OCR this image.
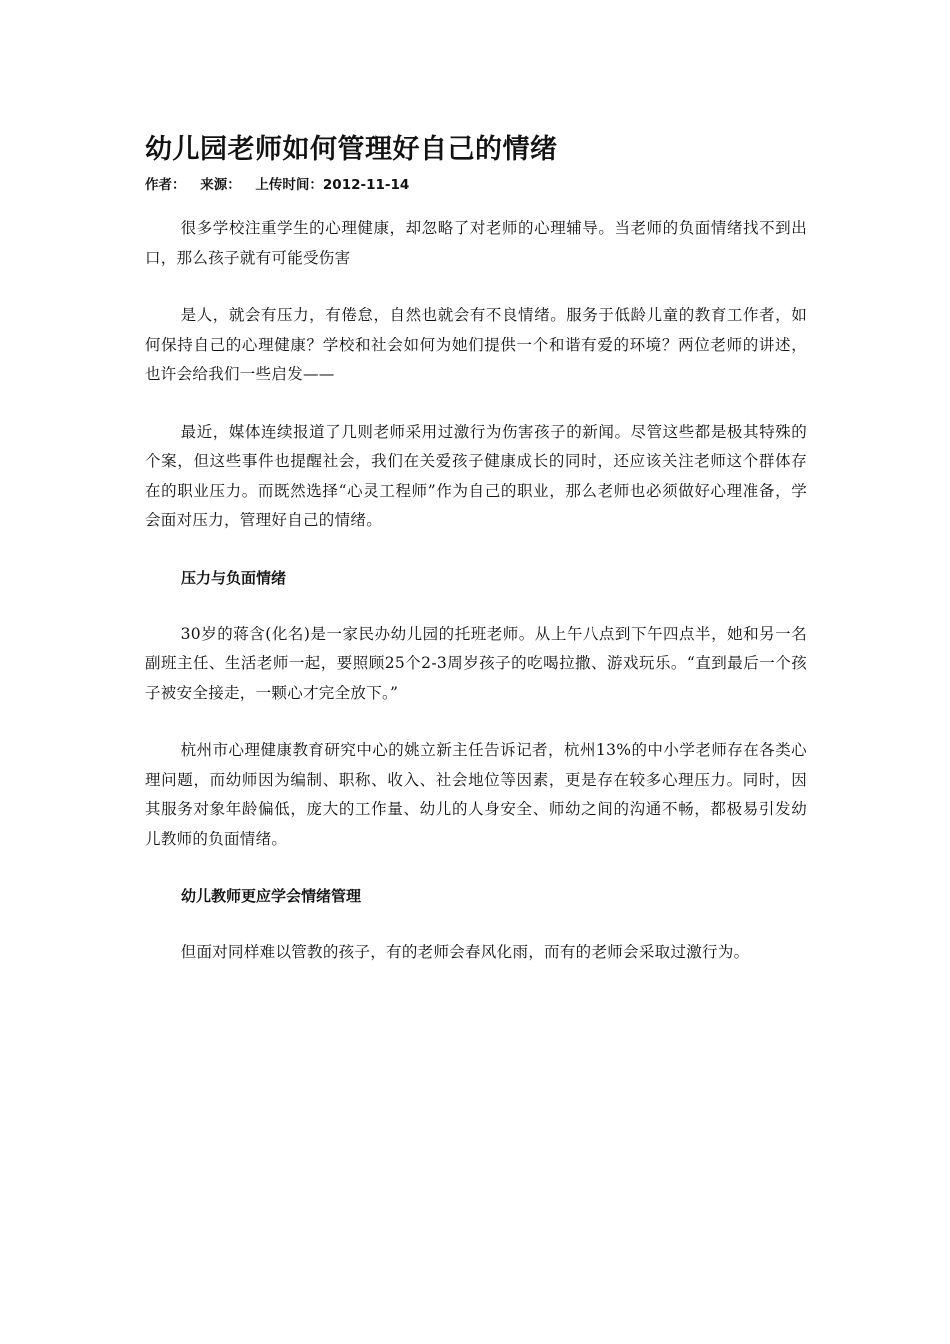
幼儿园老师如何管理好自己的情绪
作者： 来源： 上传时间：2012-11-14

很多学校注重学生的心理健康，却忽略了对老师的心理辅导。当老师的负面情绪找不到出口，那么孩子就有可能受伤害

是人，就会有压力，有倦怠，自然也就会有不良情绪。服务于低龄儿童的教育工作者，如何保持自己的心理健康？学校和社会如何为她们提供一个和谐有爱的环境？两位老师的讲述，也许会给我们一些启发——

最近，媒体连续报道了几则老师采用过激行为伤害孩子的新闻。尽管这些都是极其特殊的个案，但这些事件也提醒社会，我们在关爱孩子健康成长的同时，还应该关注老师这个群体存在的职业压力。而既然选择“心灵工程师”作为自己的职业，那么老师也必须做好心理准备，学会面对压力，管理好自己的情绪。

压力与负面情绪

30岁的蒋含(化名)是一家民办幼儿园的托班老师。从上午八点到下午四点半，她和另一名副班主任、生活老师一起，要照顾25个2-3周岁孩子的吃喝拉撒、游戏玩乐。“直到最后一个孩子被安全接走，一颗心才完全放下。”

杭州市心理健康教育研究中心的姚立新主任告诉记者，杭州13%的中小学老师存在各类心理问题，而幼师因为编制、职称、收入、社会地位等因素，更是存在较多心理压力。同时，因其服务对象年龄偏低，庞大的工作量、幼儿的人身安全、师幼之间的沟通不畅，都极易引发幼儿教师的负面情绪。

幼儿教师更应学会情绪管理

但面对同样难以管教的孩子，有的老师会春风化雨，而有的老师会采取过激行为。
